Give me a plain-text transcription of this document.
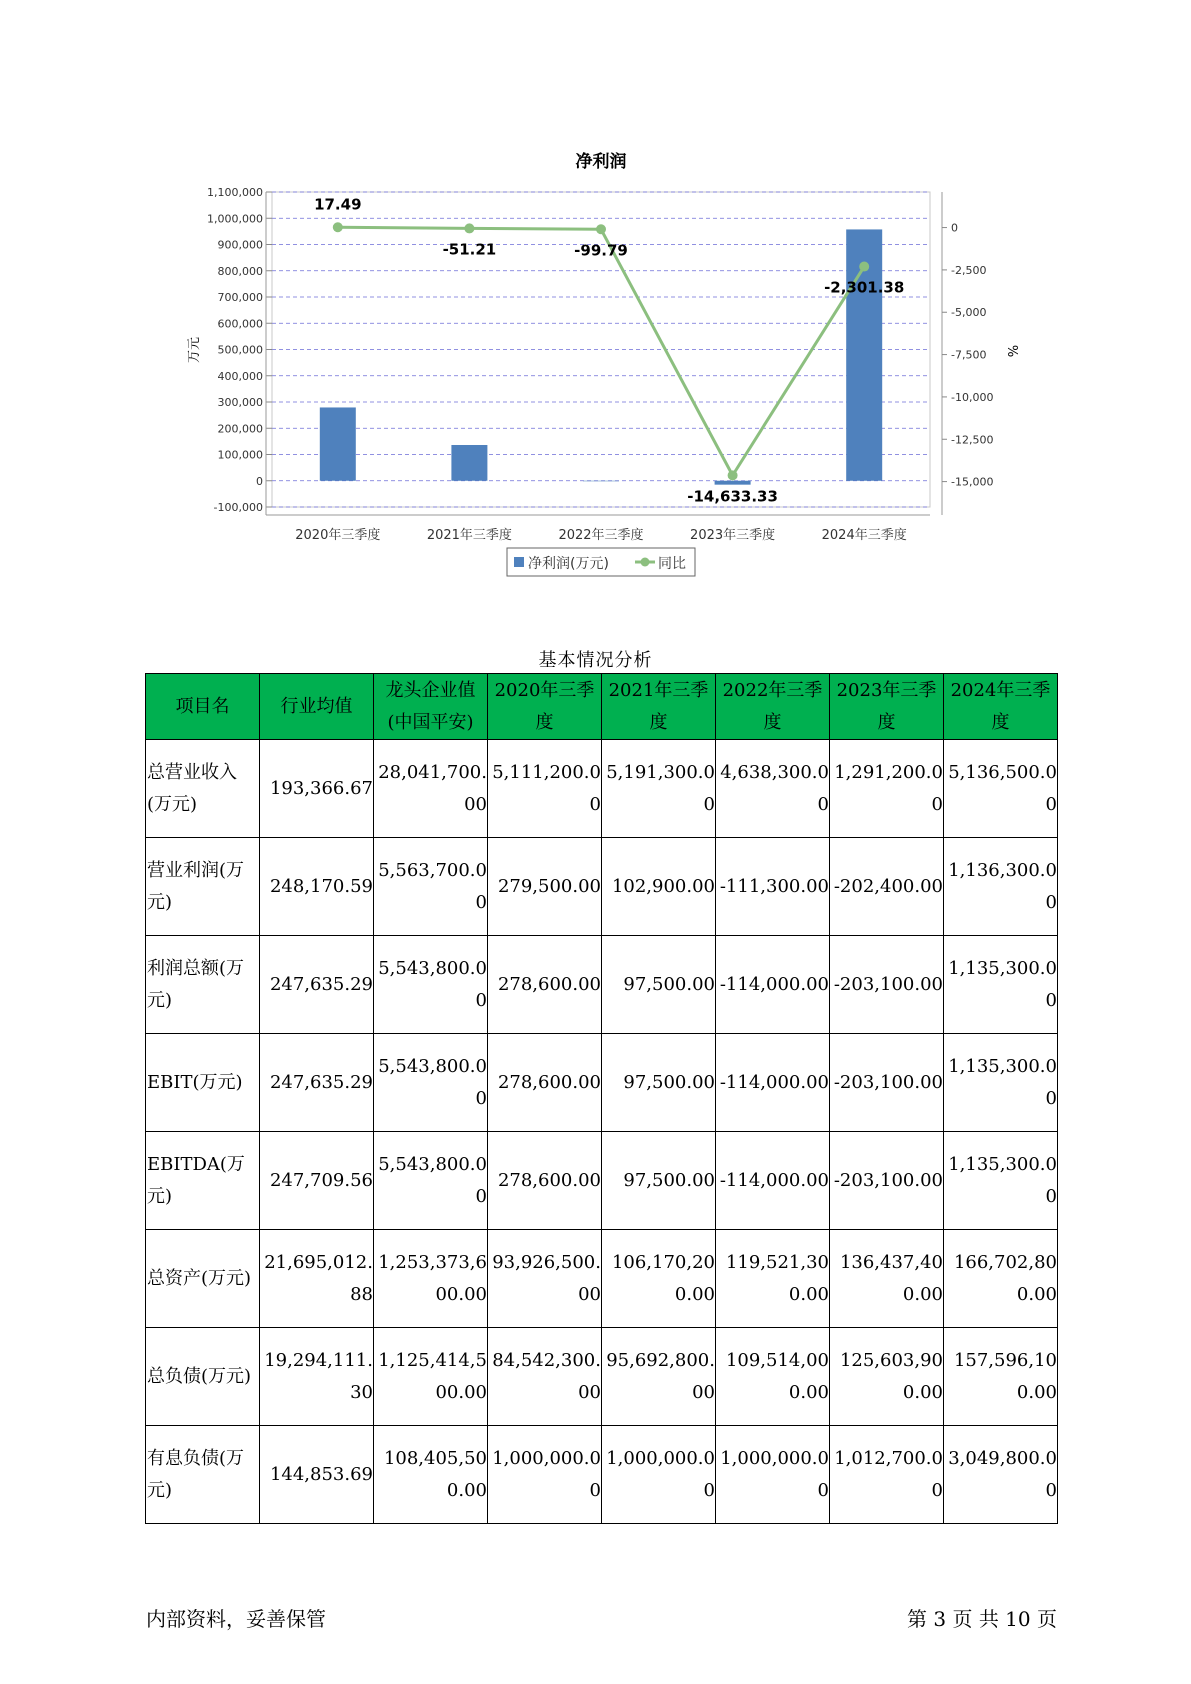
净利润
1,100,000
1,000,000
900,000
800,000
700,000
600,000
500,000
400,000
300,000
200,000
100,000
0
-100,000
0
-2,500
-5,000
-7,500
-10,000
-12,500
-15,000
万元	%
2020年三季度	2021年三季度	2022年三季度	2023年三季度	2024年三季度
17.49
-51.21	-99.79
-14,633.33
-2,301.38
净利润(万元)	同比
基本情况分析
项目名	行业均值	龙头企业值(中国平安)	2020年三季度	2021年三季度	2022年三季度	2023年三季度	2024年三季度
总营业收入(万元)	193,366.67	28,041,700.00	5,111,200.00	5,191,300.00	4,638,300.00	1,291,200.00	5,136,500.00
营业利润(万元)	248,170.59	5,563,700.00	279,500.00	102,900.00	-111,300.00	-202,400.00	1,136,300.00
利润总额(万元)	247,635.29	5,543,800.00	278,600.00	97,500.00	-114,000.00	-203,100.00	1,135,300.00
EBIT(万元)	247,635.29	5,543,800.00	278,600.00	97,500.00	-114,000.00	-203,100.00	1,135,300.00
EBITDA(万元)	247,709.56	5,543,800.00	278,600.00	97,500.00	-114,000.00	-203,100.00	1,135,300.00
总资产(万元)	21,695,012.88	1,253,373,600.00	93,926,500.00	106,170,200.00	119,521,300.00	136,437,400.00	166,702,800.00
总负债(万元)	19,294,111.30	1,125,414,500.00	84,542,300.00	95,692,800.00	109,514,000.00	125,603,900.00	157,596,100.00
有息负债(万元)	144,853.69	108,405,500.00	1,000,000.00	1,000,000.00	1,000,000.00	1,012,700.00	3,049,800.00
内部资料，妥善保管	第 3 页 共 10 页
